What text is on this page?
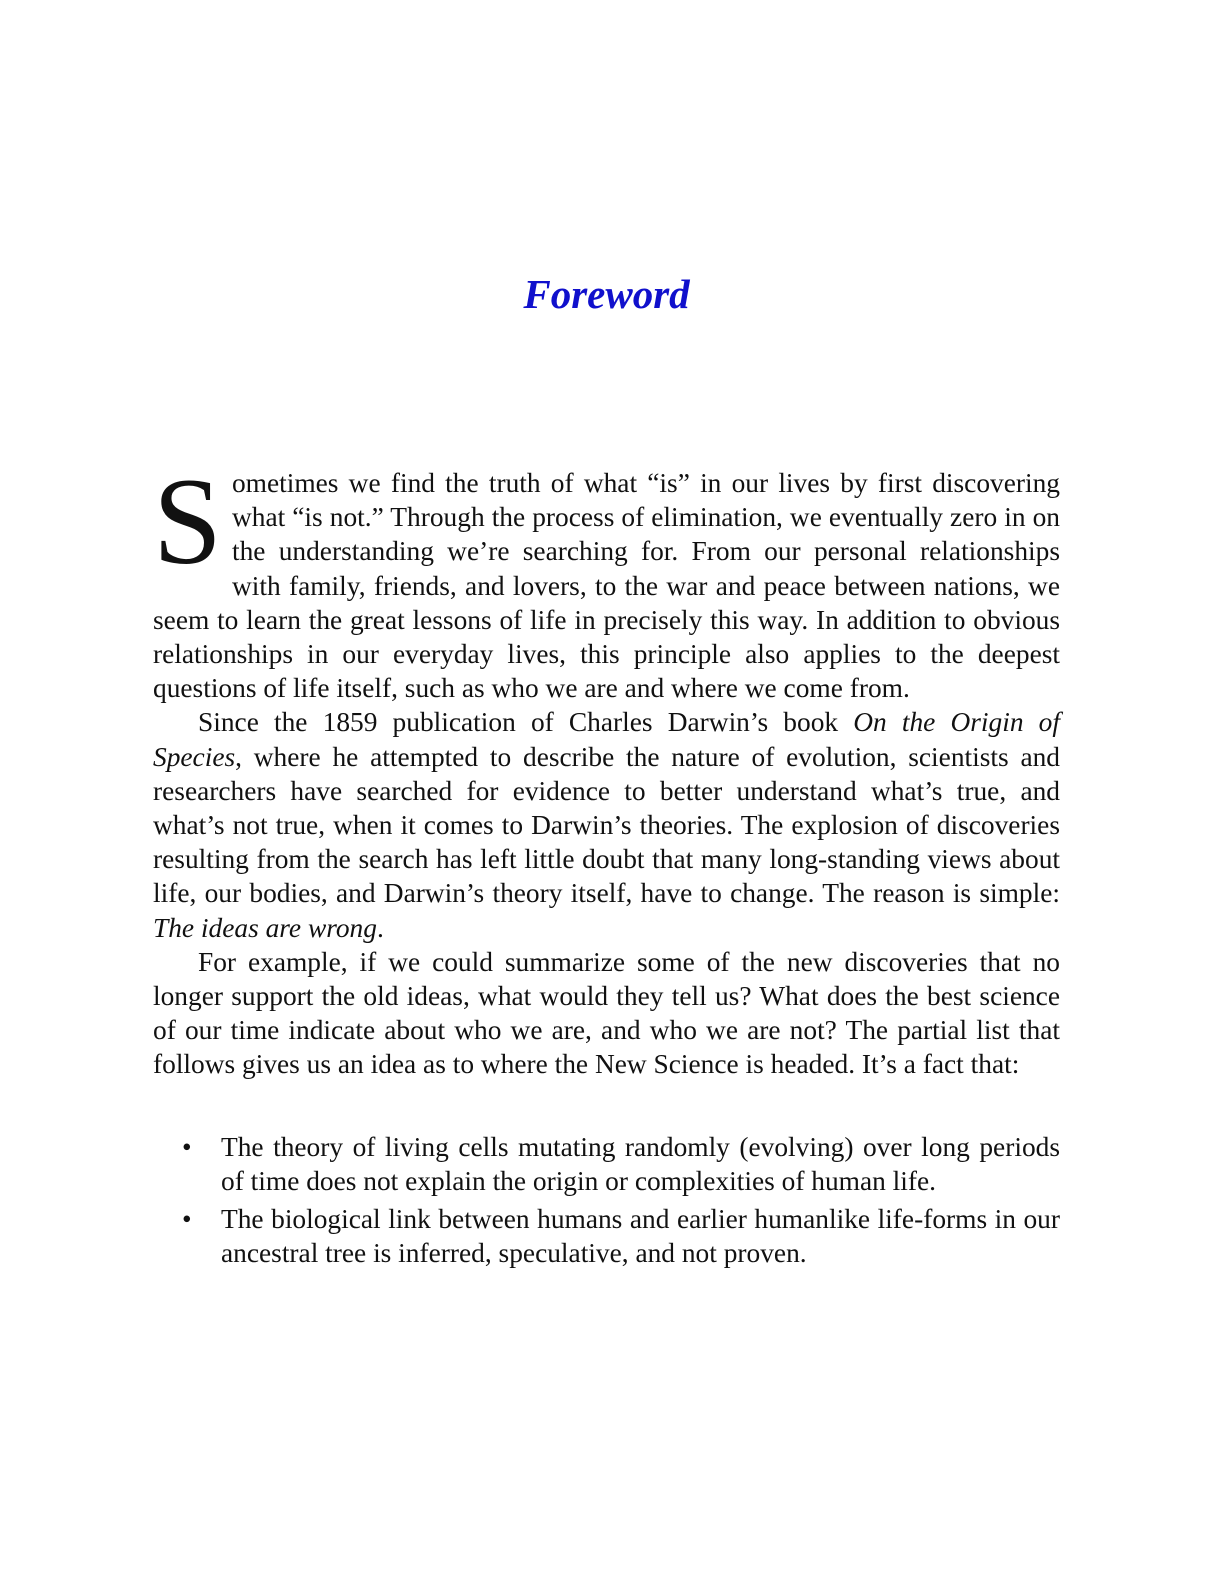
Foreword

Sometimes we find the truth of what “is” in our lives by first discovering what “is not.” Through the process of elimination, we eventually zero in on the understanding we’re searching for. From our personal relationships with family, friends, and lovers, to the war and peace between nations, we seem to learn the great lessons of life in precisely this way. In addition to obvious relationships in our everyday lives, this principle also applies to the deepest questions of life itself, such as who we are and where we come from.

Since the 1859 publication of Charles Darwin’s book On the Origin of Species, where he attempted to describe the nature of evolution, scientists and researchers have searched for evidence to better understand what’s true, and what’s not true, when it comes to Darwin’s theories. The explosion of discoveries resulting from the search has left little doubt that many long-standing views about life, our bodies, and Darwin’s theory itself, have to change. The reason is simple: The ideas are wrong.

For example, if we could summarize some of the new discoveries that no longer support the old ideas, what would they tell us? What does the best science of our time indicate about who we are, and who we are not? The partial list that follows gives us an idea as to where the New Science is headed. It’s a fact that:

• The theory of living cells mutating randomly (evolving) over long periods of time does not explain the origin or complexities of human life.
• The biological link between humans and earlier humanlike life-forms in our ancestral tree is inferred, speculative, and not proven.
